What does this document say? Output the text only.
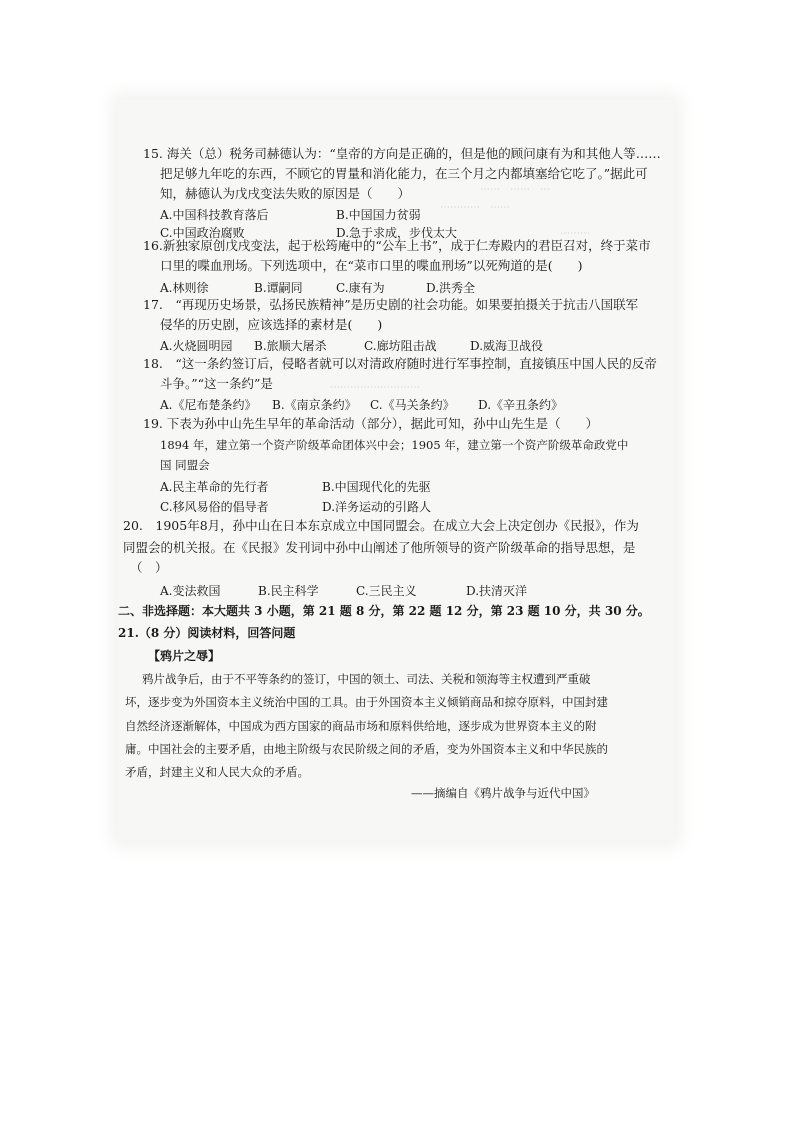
⋯⋯　⋯⋯　⋯
⋯⋯⋯⋯　⋯⋯
⋯⋯⋯
⋯⋯⋯⋯⋯⋯⋯⋯⋯
15. 海关（总）税务司赫德认为：“皇帝的方向是正确的，但是他的顾问康有为和其他人等……
把足够九年吃的东西，不顾它的胃量和消化能力，在三个月之内都填塞给它吃了。”据此可
知，赫德认为戊戌变法失败的原因是（　　）
A.中国科技教育落后	B.中国国力贫弱
C.中国政治腐败	D.急于求成，步伐太大
16.新独家原创戊戌变法，起于松筠庵中的“公车上书”，成于仁寿殿内的君臣召对，终于菜市
口里的喋血刑场。下列选项中，在“菜市口里的喋血刑场”以死殉道的是(　　)
A.林则徐	B.谭嗣同	C.康有为	D.洪秀全
17.　“再现历史场景，弘扬民族精神”是历史剧的社会功能。如果要拍摄关于抗击八国联军
侵华的历史剧，应该选择的素材是(　　)
A.火烧圆明园 B.旅顺大屠杀	C.廊坊阻击战	D.威海卫战役
18.　“这一条约签订后，侵略者就可以对清政府随时进行军事控制，直接镇压中国人民的反帝
斗争。”“这一条约”是
A.《尼布楚条约》 B.《南京条约》 C.《马关条约》 D.《辛丑条约》
19. 下表为孙中山先生早年的革命活动（部分），据此可知，孙中山先生是（　　）
1894 年，建立第一个资产阶级革命团体兴中会；1905 年，建立第一个资产阶级革命政党中
国 同盟会
A.民主革命的先行者	B.中国现代化的先驱
C.移风易俗的倡导者	D.洋务运动的引路人
20.　1905年8月，孙中山在日本东京成立中国同盟会。在成立大会上决定创办《民报》，作为
同盟会的机关报。在《民报》发刊词中孙中山阐述了他所领导的资产阶级革命的指导思想，是
（　）
A.变法救国	B.民主科学	C.三民主义	D.扶清灭洋
二、非选择题：本大题共 3 小题，第 21 题 8 分，第 22 题 12 分，第 23 题 10 分，共 30 分。
21.（8 分）阅读材料，回答问题
【鸦片之辱】
鸦片战争后，由于不平等条约的签订，中国的领土、司法、关税和领海等主权遭到严重破
坏，逐步变为外国资本主义统治中国的工具。由于外国资本主义倾销商品和掠夺原料，中国封建
自然经济逐渐解体，中国成为西方国家的商品市场和原料供给地，逐步成为世界资本主义的附
庸。中国社会的主要矛盾，由地主阶级与农民阶级之间的矛盾，变为外国资本主义和中华民族的
矛盾，封建主义和人民大众的矛盾。
——摘编自《鸦片战争与近代中国》
